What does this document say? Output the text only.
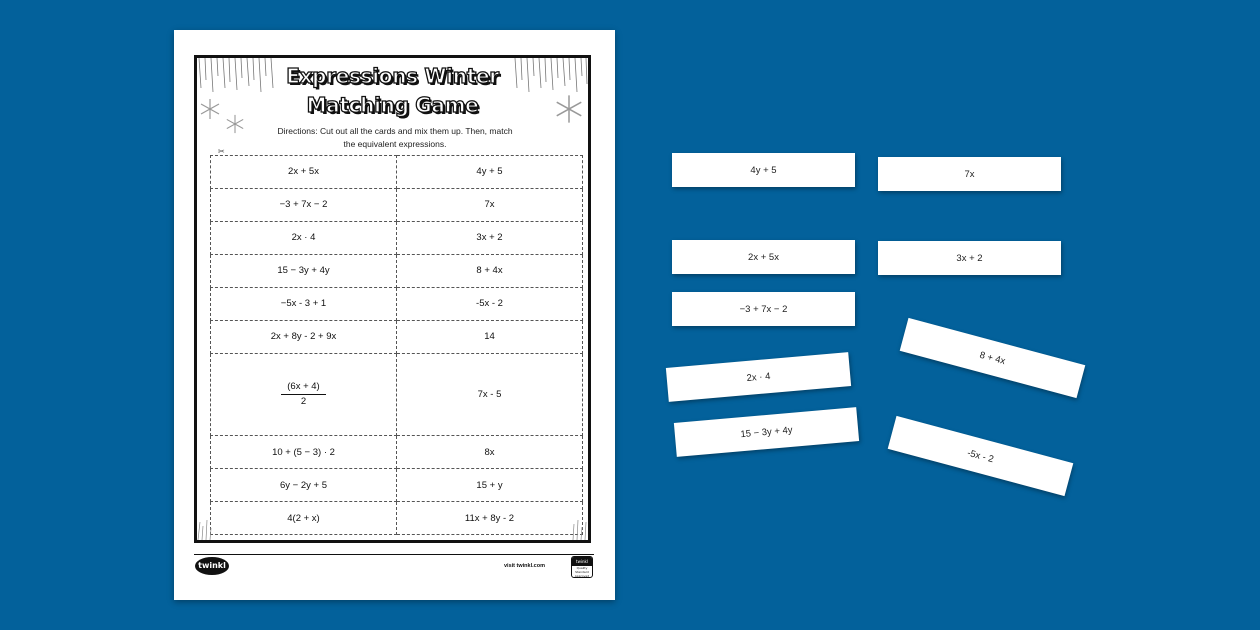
Expressions Winter
Matching Game
Directions: Cut out all the cards and mix them up. Then, match
the equivalent expressions.
✂
2x + 5x	4y + 5
−3 + 7x − 2	7x
2x · 4	3x + 2
15 − 3y + 4y	8 + 4x
−5x - 3 + 1	-5x - 2
2x + 8y - 2 + 9x	14

$\frac{(6x + 4)}{2}$	7x - 5
10 + (5 − 3) · 2	8x
6y − 2y + 5	15 + y
4(2 + x)	11x + 8y - 2
twinkl	visit twinkl.com
twinkl
Quality Standard Approved
4y + 5	7x
2x + 5x	3x + 2
−3 + 7x − 2
8 + 4x
2x · 4
15 − 3y + 4y
-5x - 2
